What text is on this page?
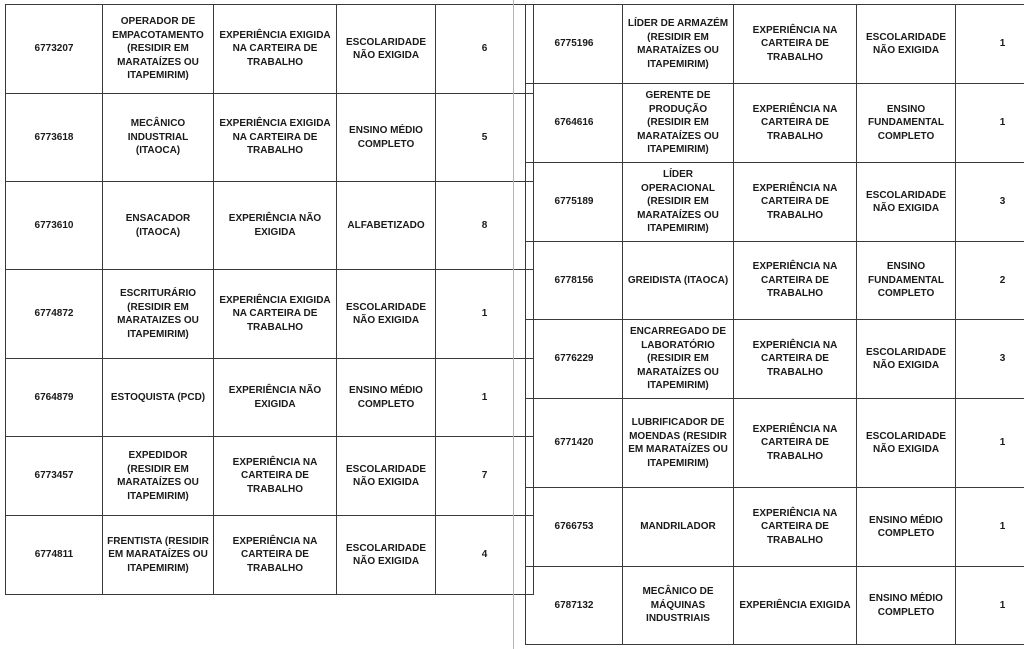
6773207	OPERADOR DE EMPACOTAMENTO (RESIDIR EM MARATAÍZES OU ITAPEMIRIM)	EXPERIÊNCIA EXIGIDA NA CARTEIRA DE TRABALHO	ESCOLARIDADE NÃO EXIGIDA	6
6773618	MECÂNICO INDUSTRIAL (ITAOCA)	EXPERIÊNCIA EXIGIDA NA CARTEIRA DE TRABALHO	ENSINO MÉDIO COMPLETO	5
6773610	ENSACADOR (ITAOCA)	EXPERIÊNCIA NÃO EXIGIDA	ALFABETIZADO	8
6774872	ESCRITURÁRIO (RESIDIR EM MARATAIZES OU ITAPEMIRIM)	EXPERIÊNCIA EXIGIDA NA CARTEIRA DE TRABALHO	ESCOLARIDADE NÃO EXIGIDA	1
6764879	ESTOQUISTA (PCD)	EXPERIÊNCIA NÃO EXIGIDA	ENSINO MÉDIO COMPLETO	1
6773457	EXPEDIDOR (RESIDIR EM MARATAÍZES OU ITAPEMIRIM)	EXPERIÊNCIA NA CARTEIRA DE TRABALHO	ESCOLARIDADE NÃO EXIGIDA	7
6774811	FRENTISTA (RESIDIR EM MARATAÍZES OU ITAPEMIRIM)	EXPERIÊNCIA NA CARTEIRA DE TRABALHO	ESCOLARIDADE NÃO EXIGIDA	4
6775196	LÍDER DE ARMAZÉM (RESIDIR EM MARATAÍZES OU ITAPEMIRIM)	EXPERIÊNCIA NA CARTEIRA DE TRABALHO	ESCOLARIDADE NÃO EXIGIDA	1
6764616	GERENTE DE PRODUÇÃO (RESIDIR EM MARATAÍZES OU ITAPEMIRIM)	EXPERIÊNCIA NA CARTEIRA DE TRABALHO	ENSINO FUNDAMENTAL COMPLETO	1
6775189	LÍDER OPERACIONAL (RESIDIR EM MARATAÍZES OU ITAPEMIRIM)	EXPERIÊNCIA NA CARTEIRA DE TRABALHO	ESCOLARIDADE NÃO EXIGIDA	3
6778156	GREIDISTA (ITAOCA)	EXPERIÊNCIA NA CARTEIRA DE TRABALHO	ENSINO FUNDAMENTAL COMPLETO	2
6776229	ENCARREGADO DE LABORATÓRIO (RESIDIR EM MARATAÍZES OU ITAPEMIRIM)	EXPERIÊNCIA NA CARTEIRA DE TRABALHO	ESCOLARIDADE NÃO EXIGIDA	3
6771420	LUBRIFICADOR DE MOENDAS (RESIDIR EM MARATAÍZES OU ITAPEMIRIM)	EXPERIÊNCIA NA CARTEIRA DE TRABALHO	ESCOLARIDADE NÃO EXIGIDA	1
6766753	MANDRILADOR	EXPERIÊNCIA NA CARTEIRA DE TRABALHO	ENSINO MÉDIO COMPLETO	1
6787132	MECÂNICO DE MÁQUINAS INDUSTRIAIS	EXPERIÊNCIA EXIGIDA	ENSINO MÉDIO COMPLETO	1
